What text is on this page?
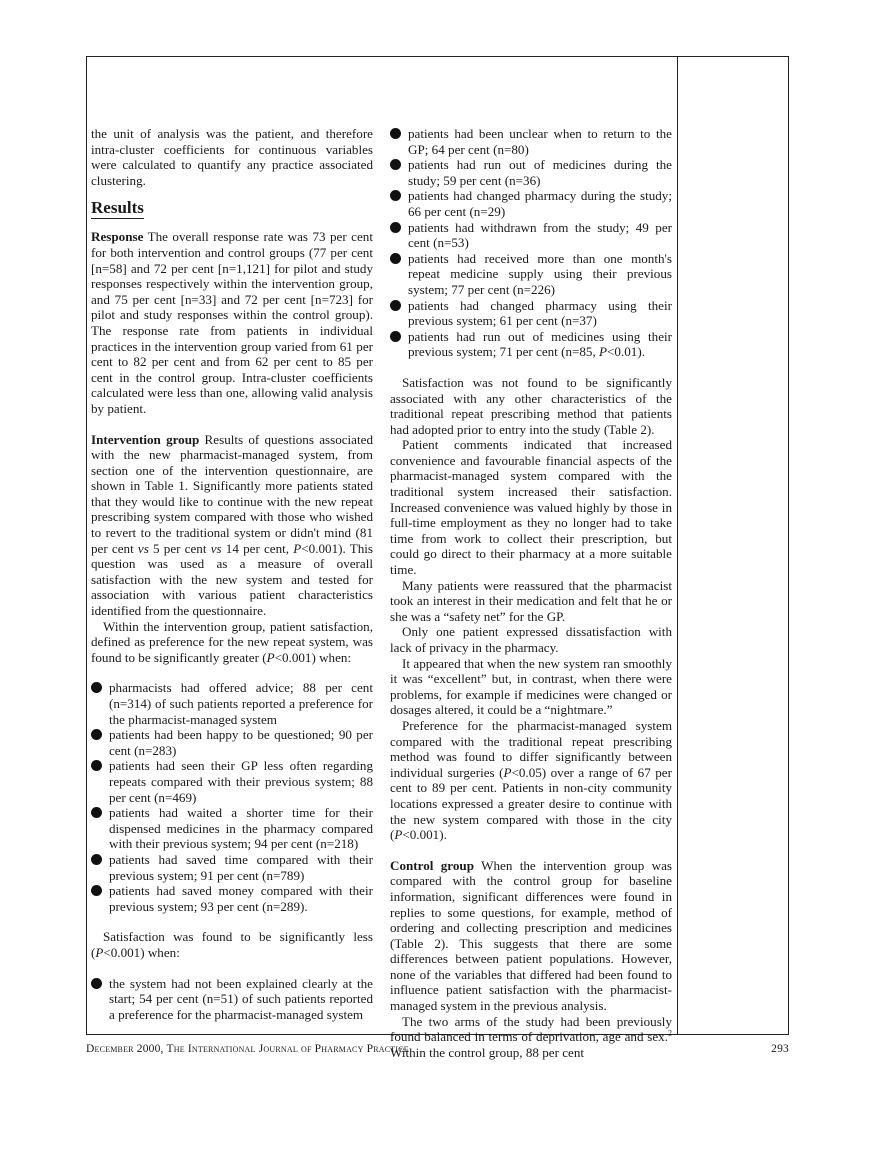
the unit of analysis was the patient, and therefore intra-cluster coefficients for continuous variables were calculated to quantify any practice associated clustering.

Results

Response The overall response rate was 73 per cent for both intervention and control groups (77 per cent [n=58] and 72 per cent [n=1,121] for pilot and study responses respectively within the intervention group, and 75 per cent [n=33] and 72 per cent [n=723] for pilot and study responses within the control group). The response rate from patients in individual practices in the intervention group varied from 61 per cent to 82 per cent and from 62 per cent to 85 per cent in the control group. Intra-cluster coefficients calculated were less than one, allowing valid analysis by patient.

Intervention group Results of questions associated with the new pharmacist-managed system, from section one of the intervention questionnaire, are shown in Table 1. Significantly more patients stated that they would like to continue with the new repeat prescribing system compared with those who wished to revert to the traditional system or didn't mind (81 per cent vs 5 per cent vs 14 per cent, P<0.001). This question was used as a measure of overall satisfaction with the new system and tested for association with various patient characteristics identified from the questionnaire.

Within the intervention group, patient satisfaction, defined as preference for the new repeat system, was found to be significantly greater (P<0.001) when:

pharmacists had offered advice; 88 per cent (n=314) of such patients reported a preference for the pharmacist-managed system
patients had been happy to be questioned; 90 per cent (n=283)
patients had seen their GP less often regarding repeats compared with their previous system; 88 per cent (n=469)
patients had waited a shorter time for their dispensed medicines in the pharmacy compared with their previous system; 94 per cent (n=218)
patients had saved time compared with their previous system; 91 per cent (n=789)
patients had saved money compared with their previous system; 93 per cent (n=289).

Satisfaction was found to be significantly less (P<0.001) when:

the system had not been explained clearly at the start; 54 per cent (n=51) of such patients reported a preference for the pharmacist-managed system
patients had been unclear when to return to the GP; 64 per cent (n=80)
patients had run out of medicines during the study; 59 per cent (n=36)
patients had changed pharmacy during the study; 66 per cent (n=29)
patients had withdrawn from the study; 49 per cent (n=53)
patients had received more than one month's repeat medicine supply using their previous system; 77 per cent (n=226)
patients had changed pharmacy using their previous system; 61 per cent (n=37)
patients had run out of medicines using their previous system; 71 per cent (n=85, P<0.01).

Satisfaction was not found to be significantly associated with any other characteristics of the traditional repeat prescribing method that patients had adopted prior to entry into the study (Table 2).

Patient comments indicated that increased convenience and favourable financial aspects of the pharmacist-managed system compared with the traditional system increased their satisfaction. Increased convenience was valued highly by those in full-time employment as they no longer had to take time from work to collect their prescription, but could go direct to their pharmacy at a more suitable time.

Many patients were reassured that the pharmacist took an interest in their medication and felt that he or she was a “safety net” for the GP.

Only one patient expressed dissatisfaction with lack of privacy in the pharmacy.

It appeared that when the new system ran smoothly it was “excellent” but, in contrast, when there were problems, for example if medicines were changed or dosages altered, it could be a “nightmare.”

Preference for the pharmacist-managed system compared with the traditional repeat prescribing method was found to differ significantly between individual surgeries (P<0.05) over a range of 67 per cent to 89 per cent. Patients in non-city community locations expressed a greater desire to continue with the new system compared with those in the city (P<0.001).

Control group When the intervention group was compared with the control group for baseline information, significant differences were found in replies to some questions, for example, method of ordering and collecting prescription and medicines (Table 2). This suggests that there are some differences between patient populations. However, none of the variables that differed had been found to influence patient satisfaction with the pharmacist-managed system in the previous analysis.

The two arms of the study had been previously found balanced in terms of deprivation, age and sex.$^2$ Within the control group, 88 per cent

December 2000, The International Journal of Pharmacy Practice	293
